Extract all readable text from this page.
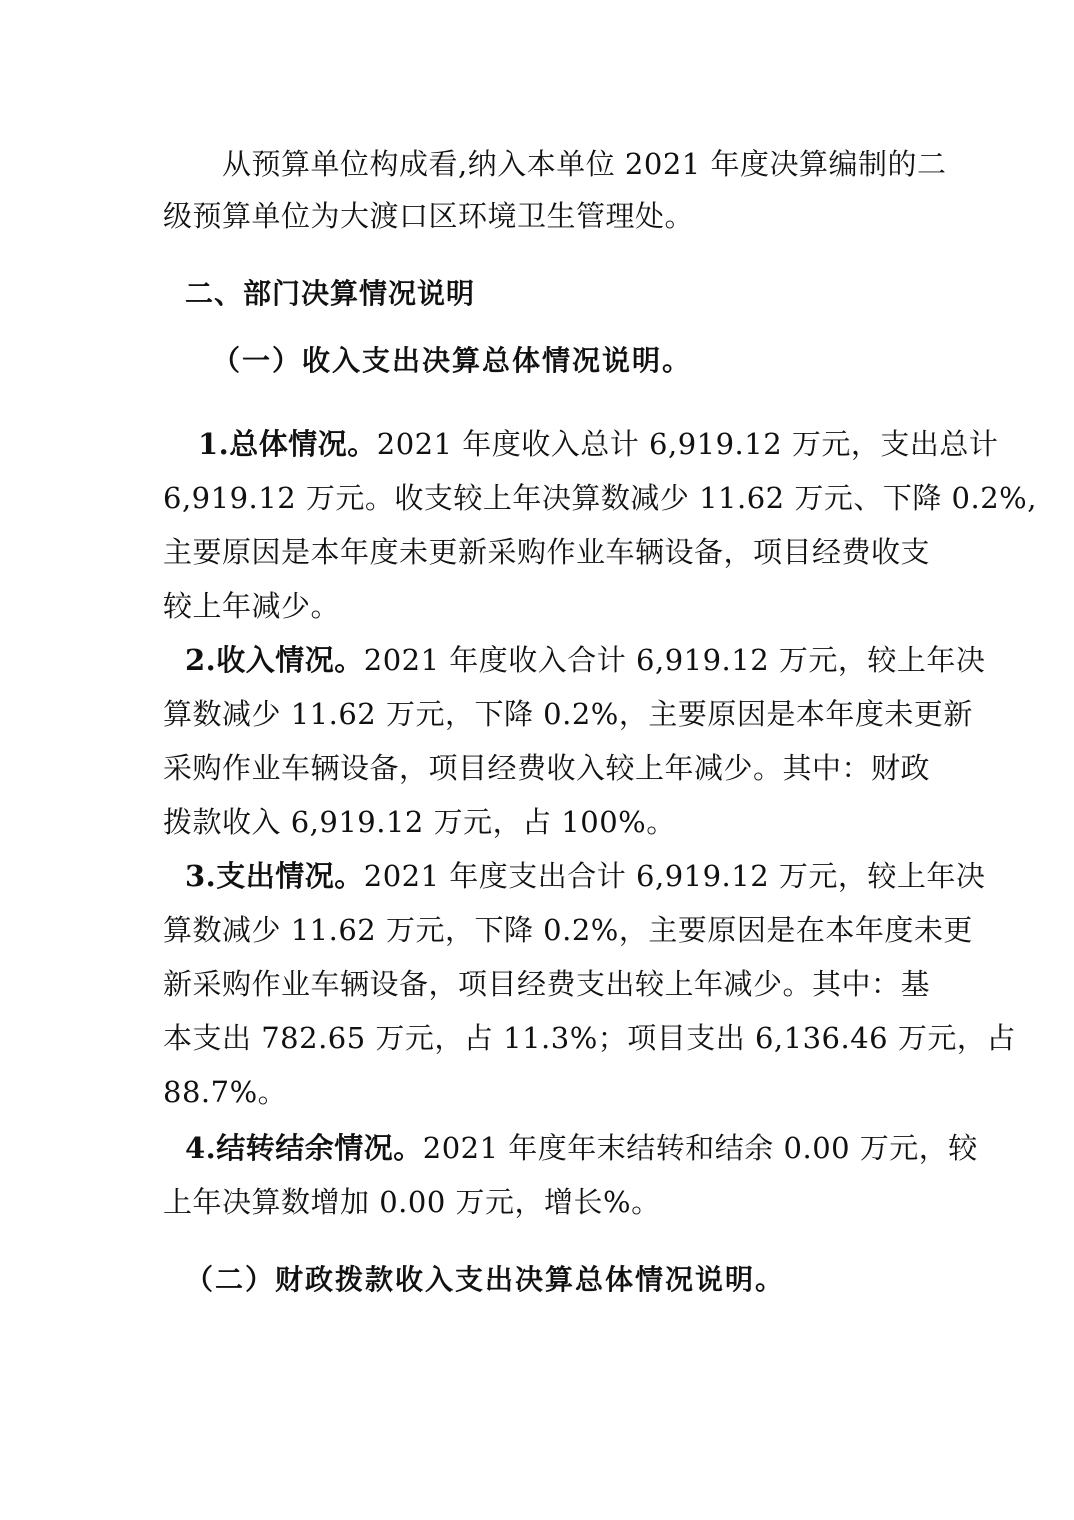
从预算单位构成看,纳入本单位 2021 年度决算编制的二
级预算单位为大渡口区环境卫生管理处。
二、部门决算情况说明
（一）收入支出决算总体情况说明。
1.总体情况。2021 年度收入总计 6,919.12 万元，支出总计
6,919.12 万元。收支较上年决算数减少 11.62 万元、下降 0.2%,
主要原因是本年度未更新采购作业车辆设备，项目经费收支
较上年减少。
2.收入情况。2021 年度收入合计 6,919.12 万元，较上年决
算数减少 11.62 万元，下降 0.2%，主要原因是本年度未更新
采购作业车辆设备，项目经费收入较上年减少。其中：财政
拨款收入 6,919.12 万元，占 100%。
3.支出情况。2021 年度支出合计 6,919.12 万元，较上年决
算数减少 11.62 万元，下降 0.2%，主要原因是在本年度未更
新采购作业车辆设备，项目经费支出较上年减少。其中：基
本支出 782.65 万元，占 11.3%；项目支出 6,136.46 万元，占
88.7%。
4.结转结余情况。2021 年度年末结转和结余 0.00 万元，较
上年决算数增加 0.00 万元，增长%。
（二）财政拨款收入支出决算总体情况说明。
